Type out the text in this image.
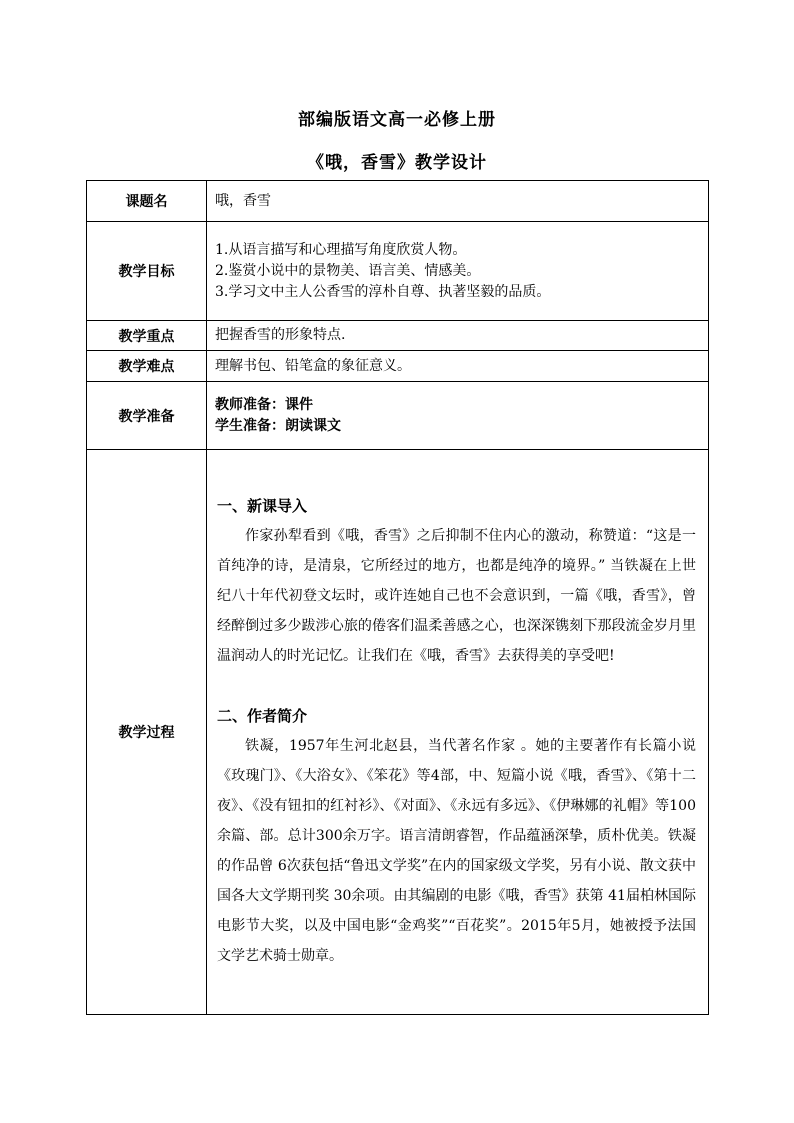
部编版语文高一必修上册
《哦，香雪》教学设计
课题名	哦，香雪
教学目标	1.从语言描写和心理描写角度欣赏人物。
2.鉴赏小说中的景物美、语言美、情感美。
3.学习文中主人公香雪的淳朴自尊、执著坚毅的品质。

教学重点	把握香雪的形象特点.
教学难点	理解书包、铅笔盒的象征意义。
教学准备	教师准备：课件
学生准备：朗读课文

教学过程	一、新课导入

作家孙犁看到《哦，香雪》之后抑制不住内心的激动，称赞道：“这是一首纯净的诗，是清泉，它所经过的地方，也都是纯净的境界。” 当铁凝在上世纪八十年代初登文坛时，或许连她自己也不会意识到，一篇《哦，香雪》，曾经醉倒过多少跋涉心旅的倦客们温柔善感之心，也深深镌刻下那段流金岁月里温润动人的时光记忆。让我们在《哦，香雪》去获得美的享受吧!

二、作者简介

铁凝，1957年生河北赵县，当代著名作家 。她的主要著作有长篇小说《玫瑰门》、《大浴女》、《笨花》等4部，中、短篇小说《哦，香雪》、《第十二夜》、《没有钮扣的红衬衫》、《对面》、《永远有多远》、《伊琳娜的礼帽》等100余篇、部。总计300余万字。语言清朗睿智，作品蕴涵深挚，质朴优美。铁凝的作品曾 6次获包括“鲁迅文学奖”在内的国家级文学奖，另有小说、散文获中国各大文学期刊奖 30余项。由其编剧的电影《哦，香雪》获第 41届柏林国际电影节大奖，以及中国电影“金鸡奖”“百花奖”。2015年5月，她被授予法国文学艺术骑士勋章。
